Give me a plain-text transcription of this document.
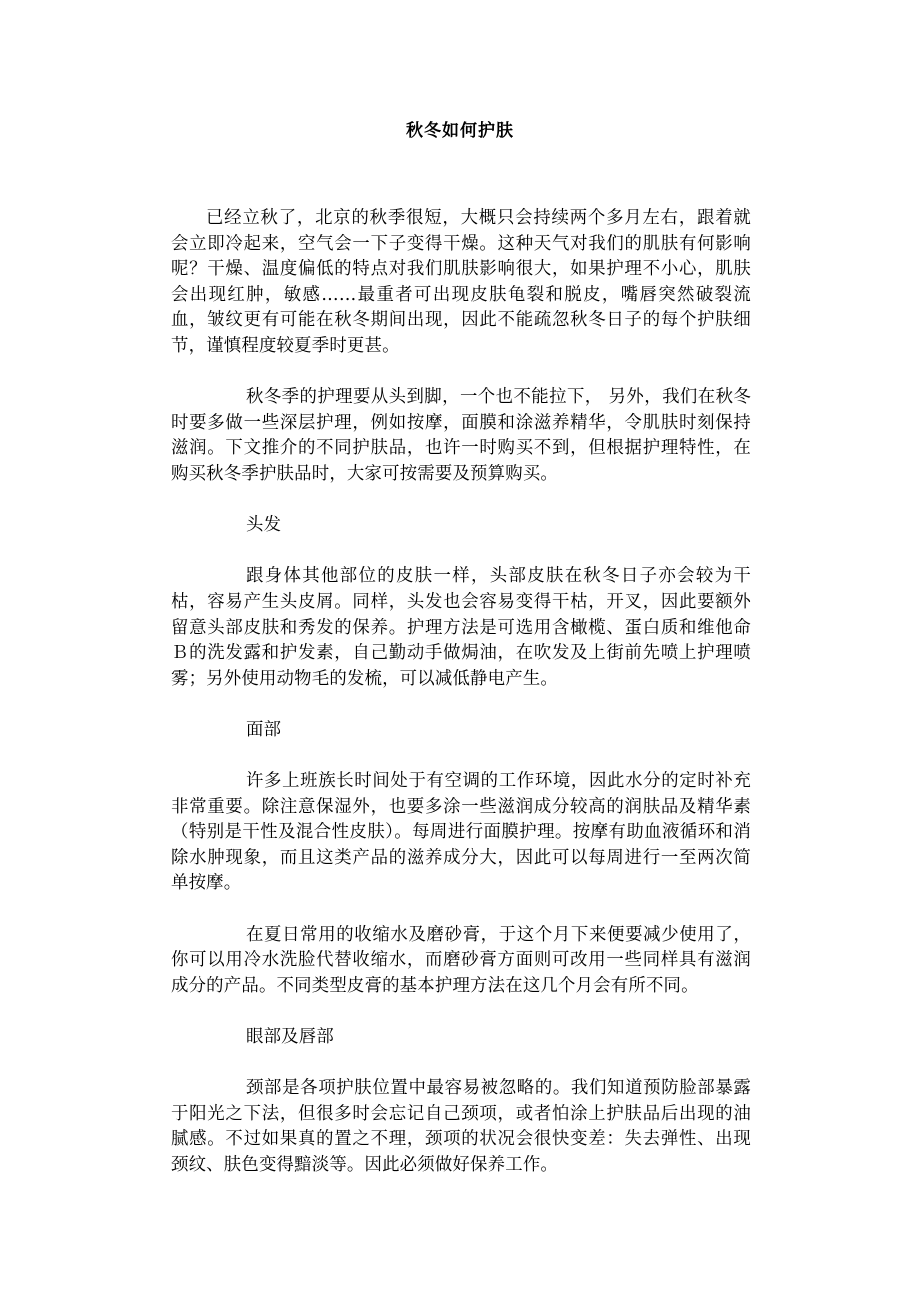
秋冬如何护肤

已经立秋了，北京的秋季很短，大概只会持续两个多月左右，跟着就会立即冷起来，空气会一下子变得干燥。这种天气对我们的肌肤有何影响呢？干燥、温度偏低的特点对我们肌肤影响很大，如果护理不小心，肌肤会出现红肿，敏感……最重者可出现皮肤龟裂和脱皮，嘴唇突然破裂流血，皱纹更有可能在秋冬期间出现，因此不能疏忽秋冬日子的每个护肤细节，谨慎程度较夏季时更甚。

秋冬季的护理要从头到脚，一个也不能拉下， 另外，我们在秋冬时要多做一些深层护理，例如按摩，面膜和涂滋养精华，令肌肤时刻保持滋润。下文推介的不同护肤品，也许一时购买不到，但根据护理特性，在购买秋冬季护肤品时，大家可按需要及预算购买。

头发

跟身体其他部位的皮肤一样，头部皮肤在秋冬日子亦会较为干枯，容易产生头皮屑。同样，头发也会容易变得干枯，开叉，因此要额外留意头部皮肤和秀发的保养。护理方法是可选用含橄榄、蛋白质和维他命Ｂ的洗发露和护发素，自己勤动手做焗油，在吹发及上街前先喷上护理喷雾；另外使用动物毛的发梳，可以减低静电产生。

面部

许多上班族长时间处于有空调的工作环境，因此水分的定时补充非常重要。除注意保湿外，也要多涂一些滋润成分较高的润肤品及精华素（特别是干性及混合性皮肤）。每周进行面膜护理。按摩有助血液循环和消除水肿现象，而且这类产品的滋养成分大，因此可以每周进行一至两次简单按摩。

在夏日常用的收缩水及磨砂膏，于这个月下来便要减少使用了，你可以用冷水洗脸代替收缩水，而磨砂膏方面则可改用一些同样具有滋润成分的产品。不同类型皮膏的基本护理方法在这几个月会有所不同。

眼部及唇部

颈部是各项护肤位置中最容易被忽略的。我们知道预防脸部暴露于阳光之下法，但很多时会忘记自己颈项，或者怕涂上护肤品后出现的油腻感。不过如果真的置之不理，颈项的状况会很快变差：失去弹性、出现颈纹、肤色变得黯淡等。因此必须做好保养工作。
